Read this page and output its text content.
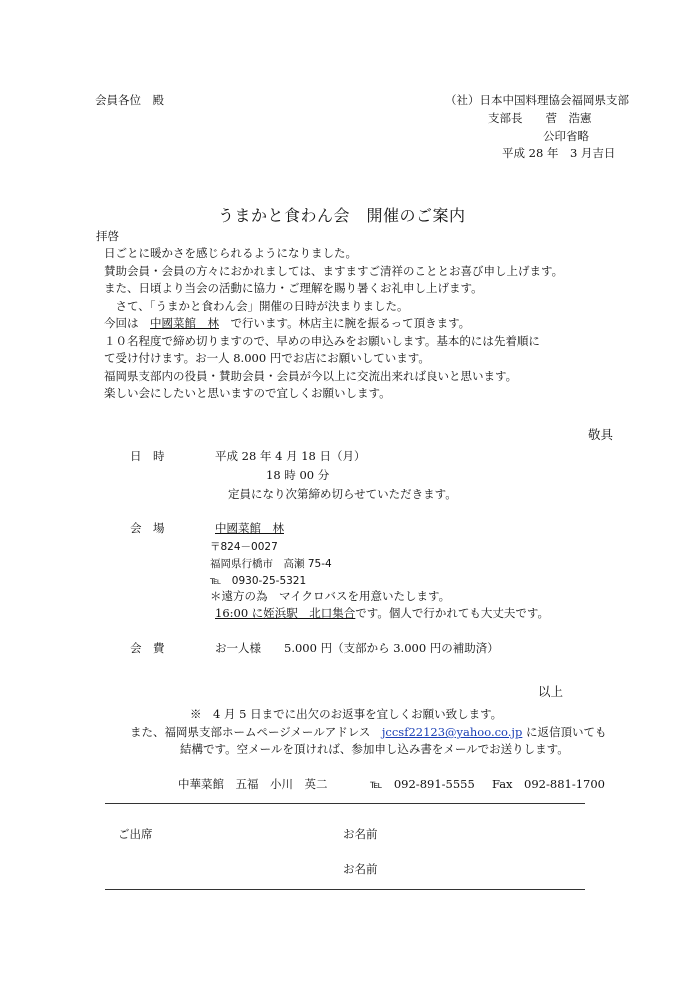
会員各位　殿	（社）日本中国料理協会福岡県支部

支部長　　菅　浩憲

公印省略

平成 28 年　3 月吉日

うまかと食わん会　開催のご案内

拝啓

日ごとに暖かさを感じられるようになりました。
賛助会員・会員の方々におかれましては、ますますご清祥のこととお喜び申し上げます。
また、日頃より当会の活動に協力・ご理解を賜り暑くお礼申し上げます。
　さて、「うまかと食わん会」開催の日時が決まりました。
今回は　中國菜館　林　で行います。林店主に腕を振るって頂きます。
１０名程度で締め切りますので、早めの申込みをお願いします。基本的には先着順に
て受け付けます。お一人 8.000 円でお店にお願いしています。
福岡県支部内の役員・賛助会員・会員が今以上に交流出来れば良いと思います。
楽しい会にしたいと思いますので宜しくお願いします。

敬具

日　時	平成 28 年 4 月 18 日（月）

18 時 00 分

定員になり次第締め切らせていただきます。

会　場	中國菜館　林

〒824－0027

福岡県行橋市　高瀬 75-4

℡　0930-25-5321

＊遠方の為　マイクロバスを用意いたします。

16:00 に姪浜駅　北口集合です。個人で行かれても大丈夫です。

会　費	お一人様　　5.000 円（支部から 3.000 円の補助済）

以上

※　4 月 5 日までに出欠のお返事を宜しくお願い致します。

また、福岡県支部ホームページメールアドレス　jccsf22123@yahoo.co.jp に返信頂いても

結構です。空メールを頂ければ、参加申し込み書をメールでお送りします。

中華菜館　五福　小川　英二	℡　092-891-5555 Fax　092-881-1700

ご出席	お名前

お名前
